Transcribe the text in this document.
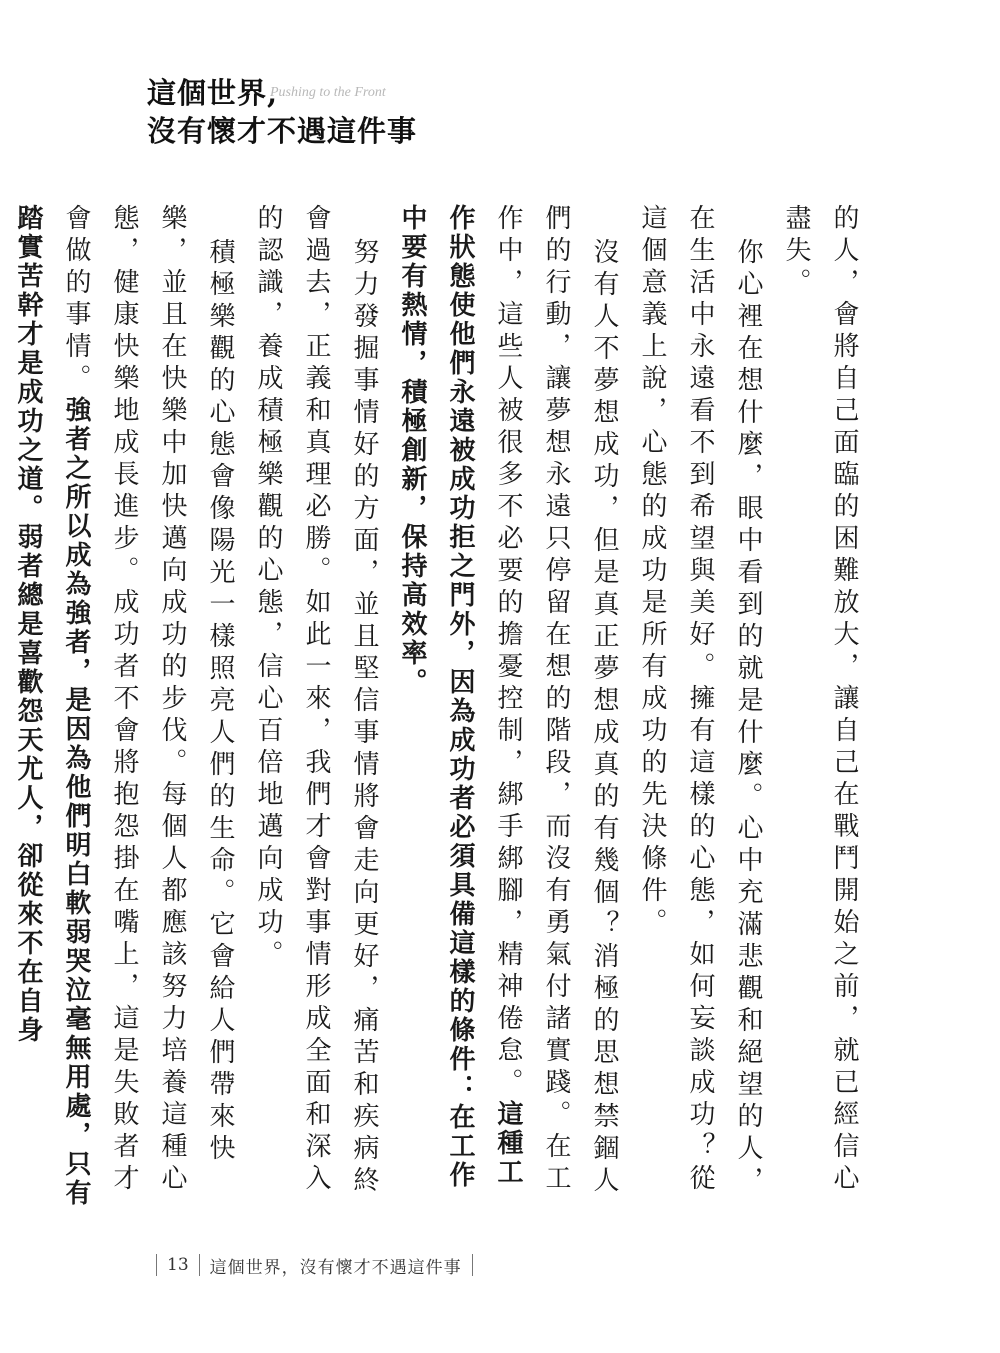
這個世界,
沒有懷才不遇這件事
Pushing to the Front

的人，會將自己面臨的困難放大，讓自己在戰鬥開始之前，就已經信心盡失。

你心裡在想什麼，眼中看到的就是什麼。心中充滿悲觀和絕望的人，在生活中永遠看不到希望與美好。擁有這樣的心態，如何妄談成功？從這個意義上說，心態的成功是所有成功的先決條件。

沒有人不夢想成功，但是真正夢想成真的有幾個？消極的思想禁錮人們的行動，讓夢想永遠只停留在想的階段，而沒有勇氣付諸實踐。在工作中，這些人被很多不必要的擔憂控制，綁手綁腳，精神倦怠。這種工作狀態使他們永遠被成功拒之門外，因為成功者必須具備這樣的條件：在工作中要有熱情，積極創新，保持高效率。

努力發掘事情好的方面，並且堅信事情將會走向更好，痛苦和疾病終會過去，正義和真理必勝。如此一來，我們才會對事情形成全面和深入的認識，養成積極樂觀的心態，信心百倍地邁向成功。

積極樂觀的心態會像陽光一樣照亮人們的生命。它會給人們帶來快樂，並且在快樂中加快邁向成功的步伐。每個人都應該努力培養這種心態，健康快樂地成長進步。成功者不會將抱怨掛在嘴上，這是失敗者才會做的事情。強者之所以成為強者，是因為他們明白軟弱哭泣毫無用處，只有踏實苦幹才是成功之道。弱者總是喜歡怨天尤人，卻從來不在自身

13 這個世界，沒有懷才不遇這件事
